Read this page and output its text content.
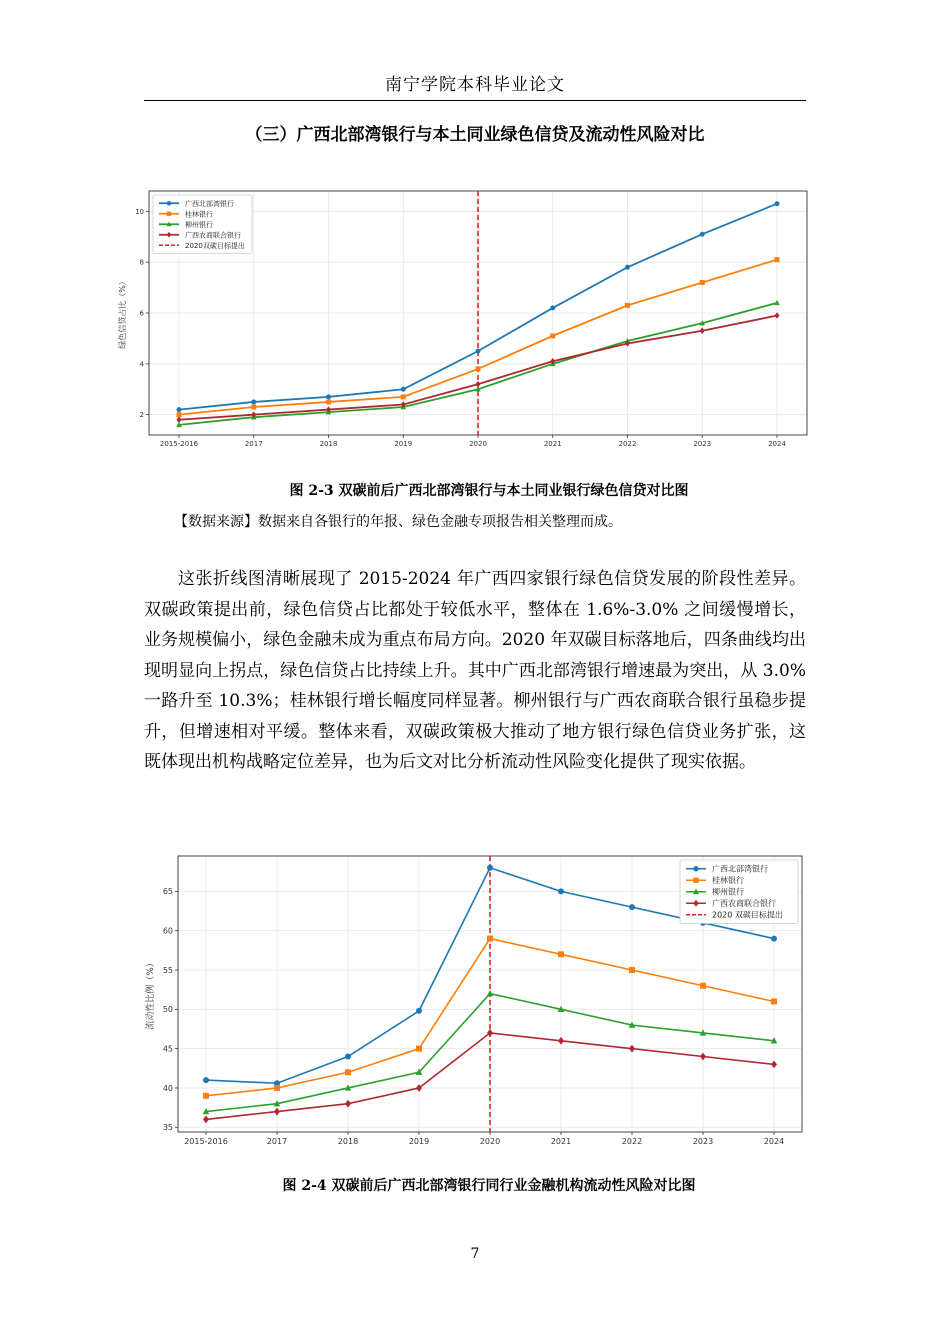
南宁学院本科毕业论文
（三）广西北部湾银行与本土同业绿色信贷及流动性风险对比
2
4
6
8
10
2015-2016	2017	2018	2019	2020	2021	2022	2023	2024
绿色信贷占比（%）
广西北部湾银行
桂林银行
柳州银行
广西农商联合银行
2020双碳目标提出
图 2-3 双碳前后广西北部湾银行与本土同业银行绿色信贷对比图
【数据来源】数据来自各银行的年报、绿色金融专项报告相关整理而成。

这张折线图清晰展现了 2015-2024 年广西四家银行绿色信贷发展的阶段性差异。双碳政策提出前，绿色信贷占比都处于较低水平，整体在 1.6%-3.0% 之间缓慢增长，业务规模偏小，绿色金融未成为重点布局方向。2020 年双碳目标落地后，四条曲线均出现明显向上拐点，绿色信贷占比持续上升。其中广西北部湾银行增速最为突出，从 3.0% 一路升至 10.3%；桂林银行增长幅度同样显著。柳州银行与广西农商联合银行虽稳步提升，但增速相对平缓。整体来看，双碳政策极大推动了地方银行绿色信贷业务扩张，这既体现出机构战略定位差异，也为后文对比分析流动性风险变化提供了现实依据。

35
40
45
50
55
60
65
2015-2016	2017	2018	2019	2020	2021	2022	2023	2024
流动性比例（%）
广西北部湾银行
桂林银行
柳州银行
广西农商联合银行
2020 双碳目标提出
图 2-4 双碳前后广西北部湾银行同行业金融机构流动性风险对比图
7
